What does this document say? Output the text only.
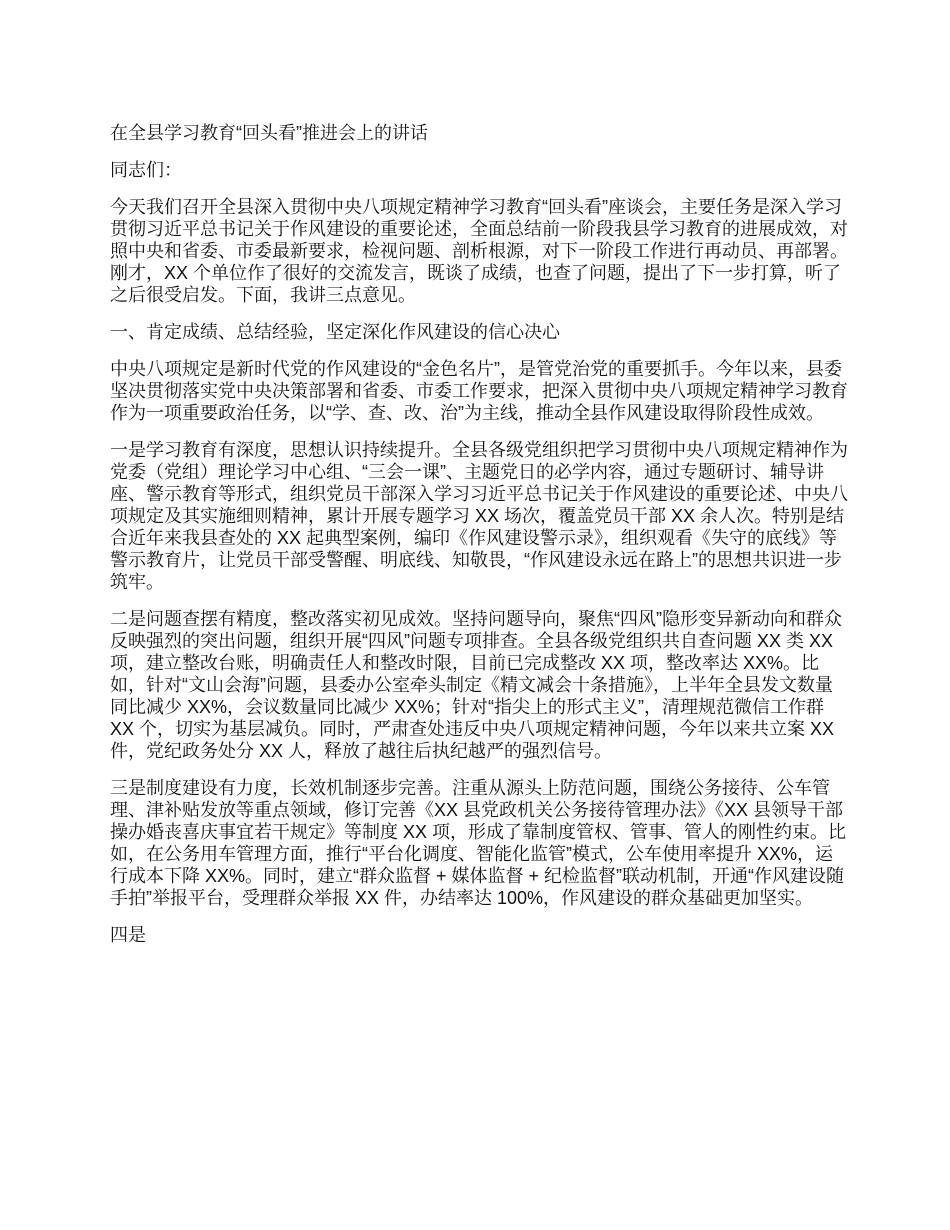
在全县学习教育“回头看”推进会上的讲话

同志们：

今天我们召开全县深入贯彻中央八项规定精神学习教育“回头看”座谈会，主要任务是深入学习贯彻习近平总书记关于作风建设的重要论述，全面总结前一阶段我县学习教育的进展成效，对照中央和省委、市委最新要求，检视问题、剖析根源，对下一阶段工作进行再动员、再部署。刚才，XX 个单位作了很好的交流发言，既谈了成绩，也查了问题，提出了下一步打算，听了之后很受启发。下面，我讲三点意见。

一、肯定成绩、总结经验，坚定深化作风建设的信心决心

中央八项规定是新时代党的作风建设的“金色名片”，是管党治党的重要抓手。今年以来，县委坚决贯彻落实党中央决策部署和省委、市委工作要求，把深入贯彻中央八项规定精神学习教育作为一项重要政治任务，以“学、查、改、治”为主线，推动全县作风建设取得阶段性成效。

一是学习教育有深度，思想认识持续提升。全县各级党组织把学习贯彻中央八项规定精神作为党委（党组）理论学习中心组、“三会一课”、主题党日的必学内容，通过专题研讨、辅导讲座、警示教育等形式，组织党员干部深入学习习近平总书记关于作风建设的重要论述、中央八项规定及其实施细则精神，累计开展专题学习 XX 场次，覆盖党员干部 XX 余人次。特别是结合近年来我县查处的 XX 起典型案例，编印《作风建设警示录》，组织观看《失守的底线》等警示教育片，让党员干部受警醒、明底线、知敬畏，“作风建设永远在路上”的思想共识进一步筑牢。

二是问题查摆有精度，整改落实初见成效。坚持问题导向，聚焦“四风”隐形变异新动向和群众反映强烈的突出问题，组织开展“四风”问题专项排查。全县各级党组织共自查问题 XX 类 XX 项，建立整改台账，明确责任人和整改时限，目前已完成整改 XX 项，整改率达 XX%。比如，针对“文山会海”问题，县委办公室牵头制定《精文减会十条措施》，上半年全县发文数量同比减少 XX%，会议数量同比减少 XX%；针对“指尖上的形式主义”，清理规范微信工作群 XX 个，切实为基层减负。同时，严肃查处违反中央八项规定精神问题，今年以来共立案 XX 件，党纪政务处分 XX 人，释放了越往后执纪越严的强烈信号。

三是制度建设有力度，长效机制逐步完善。注重从源头上防范问题，围绕公务接待、公车管理、津补贴发放等重点领域，修订完善《XX 县党政机关公务接待管理办法》《XX 县领导干部操办婚丧喜庆事宜若干规定》等制度 XX 项，形成了靠制度管权、管事、管人的刚性约束。比如，在公务用车管理方面，推行“平台化调度、智能化监管”模式，公车使用率提升 XX%，运行成本下降 XX%。同时，建立“群众监督 + 媒体监督 + 纪检监督”联动机制，开通“作风建设随手拍”举报平台，受理群众举报 XX 件，办结率达 100%，作风建设的群众基础更加坚实。

四是
